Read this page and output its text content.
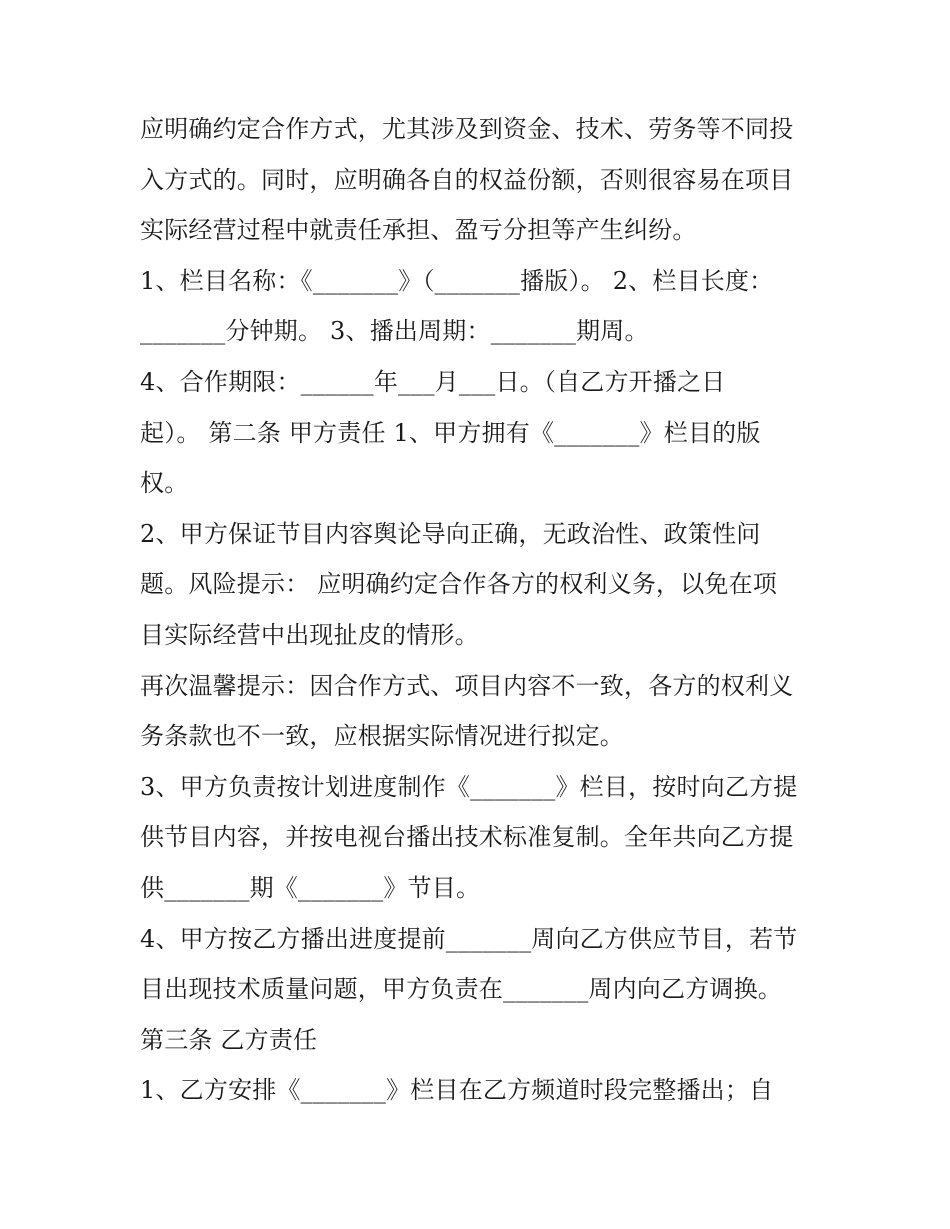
应明确约定合作方式，尤其涉及到资金、技术、劳务等不同投
入方式的。同时，应明确各自的权益份额，否则很容易在项目
实际经营过程中就责任承担、盈亏分担等产生纠纷。
1、栏目名称：《_______》（_______播版）。 2、栏目长度：
_______分钟期。 3、播出周期：_______期周。
4、合作期限：______年___月___日。（自乙方开播之日
起）。 第二条 甲方责任 1、甲方拥有《_______》栏目的版
权。
2、甲方保证节目内容舆论导向正确，无政治性、政策性问
题。风险提示： 应明确约定合作各方的权利义务，以免在项
目实际经营中出现扯皮的情形。
再次温馨提示：因合作方式、项目内容不一致，各方的权利义
务条款也不一致，应根据实际情况进行拟定。
3、甲方负责按计划进度制作《_______》栏目，按时向乙方提
供节目内容，并按电视台播出技术标准复制。全年共向乙方提
供_______期《_______》节目。
4、甲方按乙方播出进度提前_______周向乙方供应节目，若节
目出现技术质量问题，甲方负责在_______周内向乙方调换。
第三条 乙方责任
1、乙方安排《_______》栏目在乙方频道时段完整播出；自
